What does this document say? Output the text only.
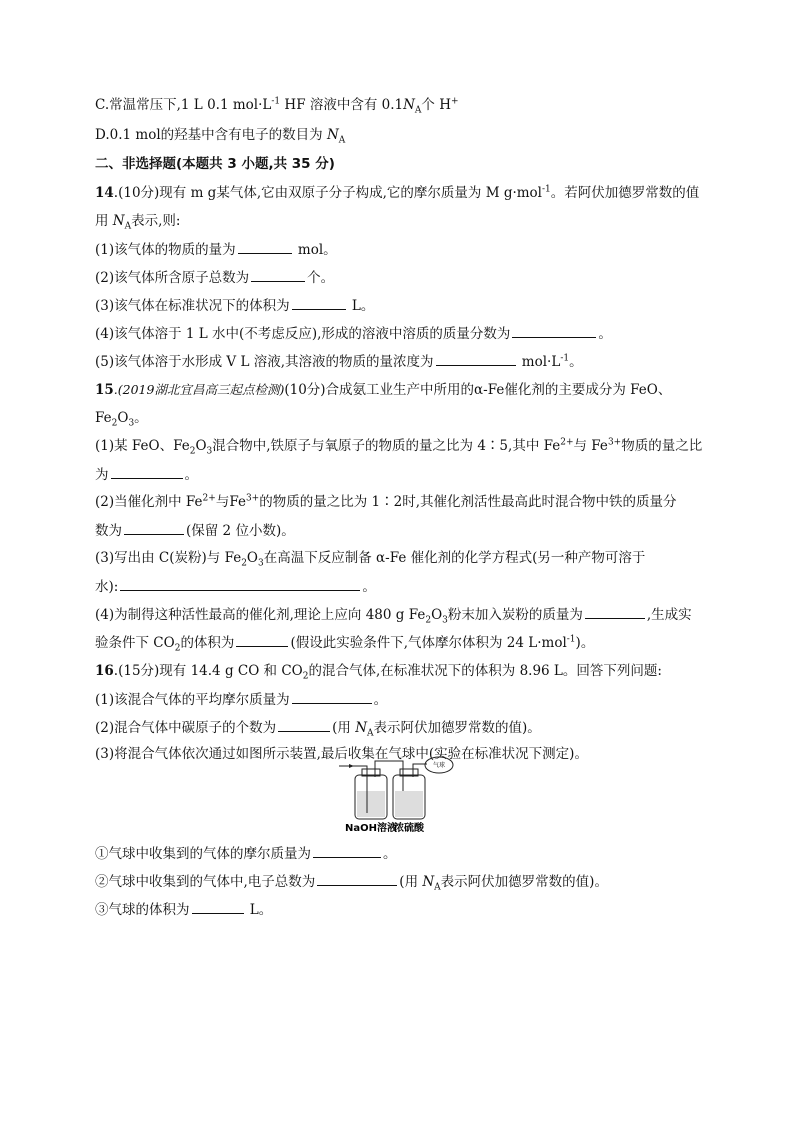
C.常温常压下,1 L 0.1 $mol\cdot L^{-1}$ HF 溶液中含有 $0.1N_A$个 H+
D.0.1 mol的羟基中含有电子的数目为 $N_A$
二、非选择题(本题共 3 小题,共 35 分)
14.(10分)现有 m g某气体,它由双原子分子构成,它的摩尔质量为 M g·mol$^{-1}$。若阿伏加德罗常数的值
用 $N_A$表示,则:
(1)该气体的物质的量为	mol。
(2)该气体所含原子总数为	个。
(3)该气体在标准状况下的体积为	L。
(4)该气体溶于 1 L 水中(不考虑反应),形成的溶液中溶质的质量分数为	。
(5)该气体溶于水形成 V L 溶液,其溶液的物质的量浓度为	$mol\cdot L^{-1}$。
15.(2019湖北宜昌高三起点检测)(10分)合成氨工业生产中所用的α-Fe催化剂的主要成分为 FeO、
$Fe_2O_3$。
(1)某 FeO、$Fe_2O_3$混合物中,铁原子与氧原子的物质的量之比为 4∶5,其中 $Fe^{2+}$与 $Fe^{3+}$物质的量之比
为	。
(2)当催化剂中 $Fe^{2+}$与$Fe^{3+}$的物质的量之比为 1∶2时,其催化剂活性最高此时混合物中铁的质量分
数为	(保留 2 位小数)。
(3)写出由 C(炭粉)与 $Fe_2O_3$在高温下反应制备 α-Fe 催化剂的化学方程式(另一种产物可溶于
水):	。
(4)为制得这种活性最高的催化剂,理论上应向 480 g $Fe_2O_3$粉末加入炭粉的质量为	,生成实
验条件下 $CO_2$的体积为	(假设此实验条件下,气体摩尔体积为 24 L·mol$^{-1}$)。
16.(15分)现有 14.4 g CO 和 $CO_2$的混合气体,在标准状况下的体积为 8.96 L。回答下列问题:
(1)该混合气体的平均摩尔质量为	。
(2)混合气体中碳原子的个数为	(用 $N_A$表示阿伏加德罗常数的值)。
(3)将混合气体依次通过如图所示装置,最后收集在气球中(实验在标准状况下测定)。
气球
NaOH溶液
浓硫酸
①气球中收集到的气体的摩尔质量为	。
②气球中收集到的气体中,电子总数为	(用 $N_A$表示阿伏加德罗常数的值)。
③气球的体积为	L。
